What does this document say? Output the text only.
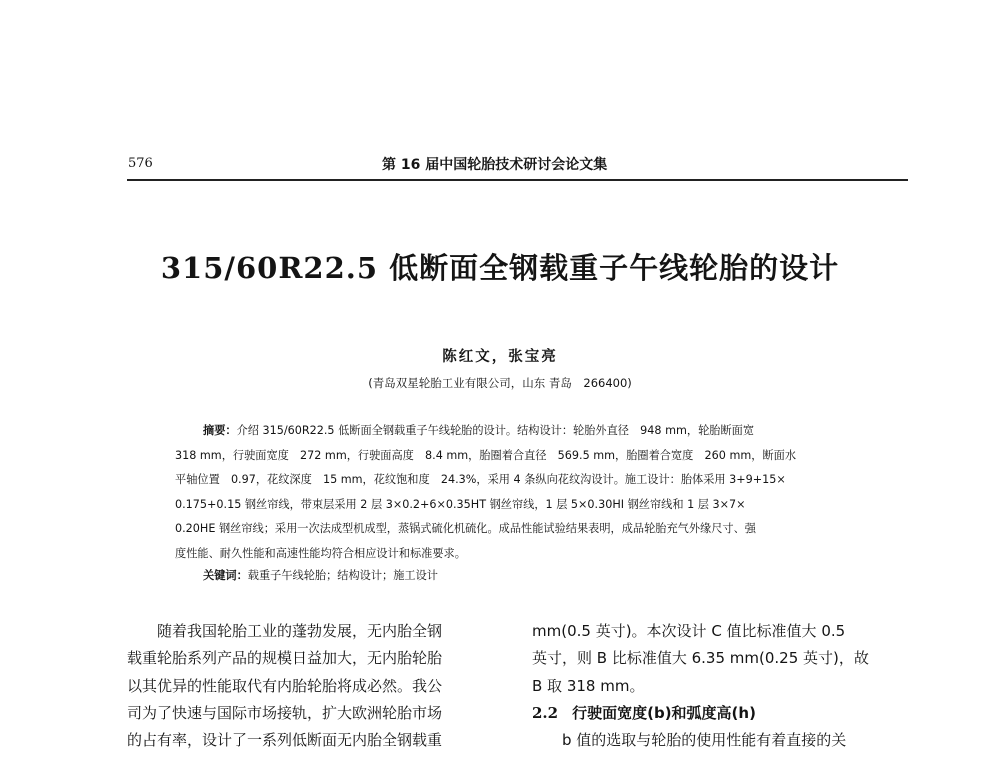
576	第 16 届中国轮胎技术研讨会论文集
315/60R22.5 低断面全钢载重子午线轮胎的设计
陈红文，张宝亮
(青岛双星轮胎工业有限公司，山东 青岛　266400)
摘要：介绍 315/60R22.5 低断面全钢载重子午线轮胎的设计。结构设计：轮胎外直径　948 mm，轮胎断面宽
318 mm，行驶面宽度　272 mm，行驶面高度　8.4 mm，胎圈着合直径　569.5 mm，胎圈着合宽度　260 mm，断面水
平轴位置　0.97，花纹深度　15 mm，花纹饱和度　24.3%，采用 4 条纵向花纹沟设计。施工设计：胎体采用 3+9+15×
0.175+0.15 钢丝帘线，带束层采用 2 层 3×0.2+6×0.35HT 钢丝帘线，1 层 5×0.30HI 钢丝帘线和 1 层 3×7×
0.20HE 钢丝帘线；采用一次法成型机成型，蒸锅式硫化机硫化。成品性能试验结果表明，成品轮胎充气外缘尺寸、强
度性能、耐久性能和高速性能均符合相应设计和标准要求。
关键词：载重子午线轮胎；结构设计；施工设计
随着我国轮胎工业的蓬勃发展，无内胎全钢
载重轮胎系列产品的规模日益加大，无内胎轮胎
以其优异的性能取代有内胎轮胎将成必然。我公
司为了快速与国际市场接轨，扩大欧洲轮胎市场
的占有率，设计了一系列低断面无内胎全钢载重
mm(0.5 英寸)。本次设计 C 值比标准值大 0.5
英寸，则 B 比标准值大 6.35 mm(0.25 英寸)，故
B 取 318 mm。
2.2 行驶面宽度(b)和弧度高(h)
b 值的选取与轮胎的使用性能有着直接的关
